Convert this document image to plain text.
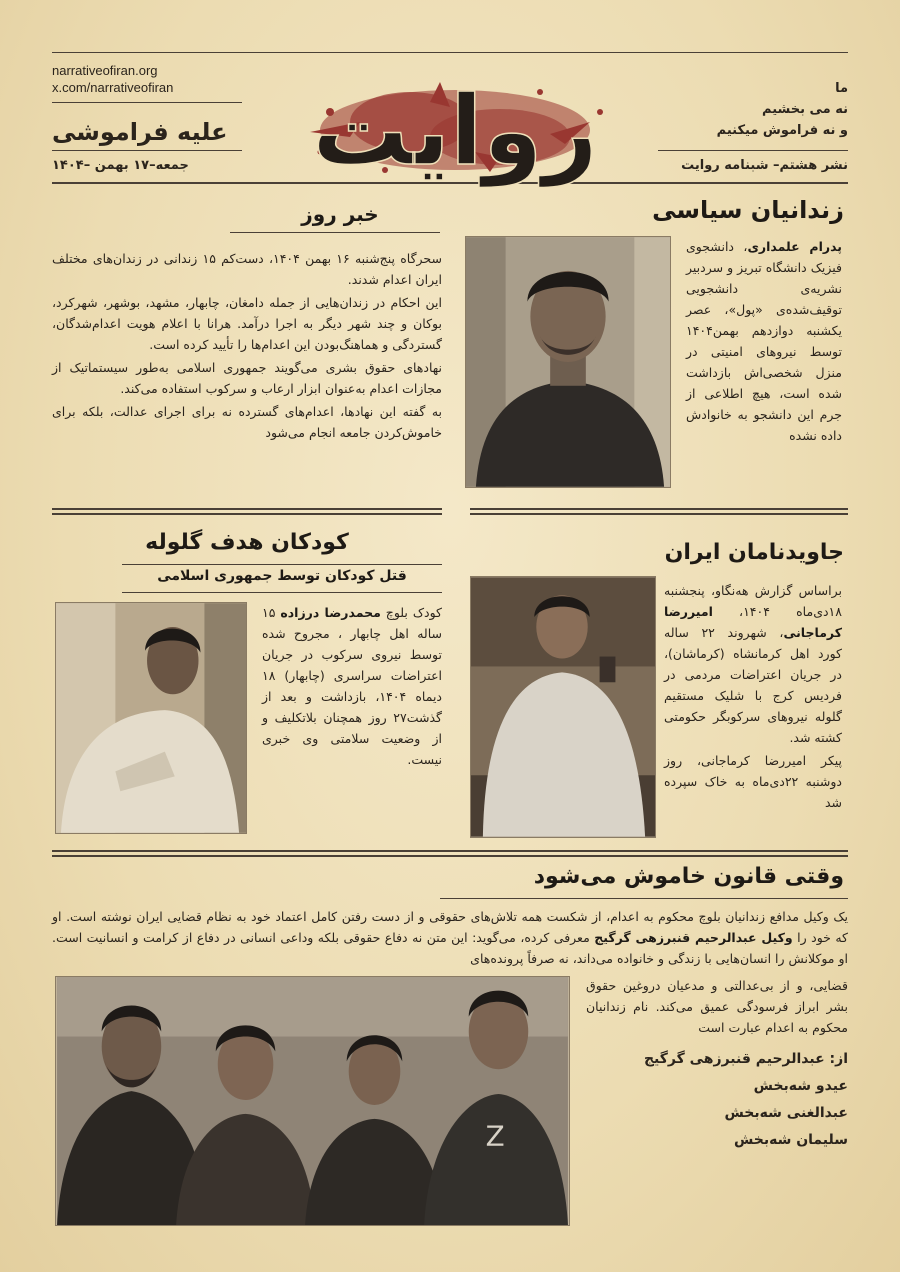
narrativeofiran.org
x.com/narrativeofiran
علیه فراموشی
جمعه–۱۷ بهمن –۱۴۰۴	روایت	ما
نه می بخشیم
و نه فراموش میکنیم
نشر هشتم– شبنامه روایت
زندانیان سیاسی

پدرام علمداری، دانشجوی فیزیک دانشگاه تبریز و سردبیر نشریه‌ی دانشجویی توقیف‌شده‌ی «پول»، عصر یکشنبه دوازدهم بهمن۱۴۰۴ توسط نیروهای امنیتی در منزل شخصی‌اش بازداشت شده است، هیچ اطلاعی از جرم این دانشجو به خانوادش داده نشده

خبر روز

سحرگاه پنج‌شنبه ۱۶ بهمن ۱۴۰۴، دست‌کم ۱۵ زندانی در زندان‌های مختلف ایران اعدام شدند.

این احکام در زندان‌هایی از جمله دامغان، چابهار، مشهد، بوشهر، شهرکرد، بوکان و چند شهر دیگر به اجرا درآمد. هرانا با اعلام هویت اعدام‌شدگان، گستردگی و هماهنگ‌بودن این اعدام‌ها را تأیید کرده است.

نهادهای حقوق بشری می‌گویند جمهوری اسلامی به‌طور سیستماتیک از مجازات اعدام به‌عنوان ابزار ارعاب و سرکوب استفاده می‌کند.

به گفته این نهادها، اعدام‌های گسترده نه برای اجرای عدالت، بلکه برای خاموش‌کردن جامعه انجام می‌شود

کودکان هدف گلوله
قتل کودکان توسط جمهوری اسلامی

کودک بلوچ محمدرضا درزاده ۱۵ ساله اهل چابهار ، مجروح شده توسط نیروی سرکوب در جریان اعتراضات سراسری (چابهار) ۱۸ دیماه ۱۴۰۴، بازداشت و بعد از گذشت۲۷ روز همچنان بلاتکلیف و از وضعیت سلامتی وی خبری نیست.

جاویدنامان ایران

براساس گزارش هه‌نگاو، پنجشنبه ۱۸دی‌ماه ۱۴۰۴، امیررضا کرماجانی، شهروند ۲۲ ساله کورد اهل کرمانشاه (کرماشان)، در جریان اعتراضات مردمی در فردیس کرج با شلیک مستقیم گلوله نیروهای سرکوبگر حکومتی کشته شد.

پیکر امیررضا کرماجانی، روز دوشنبه ۲۲دی‌ماه به خاک سپرده شد

وقتی قانون خاموش می‌شود

یک وکیل مدافع زندانیان بلوچ محکوم به اعدام، از شکست همه تلاش‌های حقوقی و از دست رفتن کامل اعتماد خود به نظام قضایی ایران نوشته است. او که خود را وکیل عبدالرحیم قنبرزهی گرگیج معرفی کرده، می‌گوید: این متن نه دفاع حقوقی بلکه وداعی انسانی در دفاع از کرامت و انسانیت است. او موکلانش را انسان‌هایی با زندگی و خانواده می‌داند، نه صرفاً پرونده‌های

Z
قضایی، و از بی‌عدالتی و مدعیان دروغین حقوق بشر ابراز فرسودگی عمیق می‌کند. نام زندانیان محکوم به اعدام عبارت است
از: عبدالرحیم قنبرزهی گرگیج
عیدو شه‌بخش
عبدالغنی شه‌بخش
سلیمان شه‌بخش
